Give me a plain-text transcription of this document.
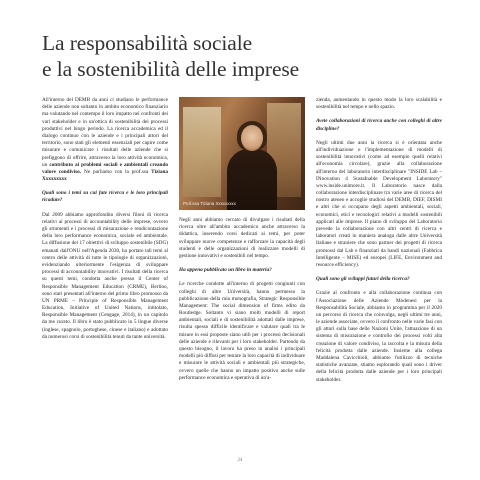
La responsabilità sociale
e la sostenibilità delle imprese

All'interno del DEMB da anni ci studiano le performance delle aziende non soltanto in ambito economico finanziario ma valutando nel contempo il loro impatto nei confronti dei vari stakeholder e in un'ottica di sostenibilità dei processi produttivi nel lungo periodo. La ricerca accademica ed il dialogo continuo con le aziende e i principali attori del territorio, sono stati gli elementi essenziali per capire come misurare e comunicare i risultati delle aziende che si prefiggono di offrire, attraverso la loro attività economica, un contributo ai problemi sociali e ambientali creando valore condiviso. Ne parliamo con la prof.ssa Tiziana Xxxxxxxxx

Quali sono i temi su cui fate ricerca e le loro principali ricadute?

Dal 2009 abbiamo approfondito diversi filoni di ricerca relativi ai processi di accountability delle imprese, ovvero gli strumenti e i processi di misurazione e rendicontazione della loro performance economica, sociale ed ambientale. La diffusione dei 17 obiettivi di sviluppo sostenibile (SDG) emanati dall'ONU nell'Agenda 2030, ha portato tali temi al centro delle attività di tutte le tipologie di organizzazioni, evidenziando ulteriormente l'esigenza di sviluppare processi di accountability innovativi. I risultati della ricerca su questi temi, condotta anche presso il Center of Responsible Management Education (CRME), Berlino, sono stati presentati all'interno del primo libro promosso da UN PRME – Principle of Responsible Management Education, Initiative of United Nations, intitolato, Responsible Management (Cengage, 2014), in un capitolo da me curato. Il libro è stato pubblicato in 5 lingue diverse (inglese, spagnolo, portoghese, cinese e italiano) e adottato da numerosi corsi di sostenibilità tenuti da tante università.

Prof.ssa Tiziana Xxxxxxxxx

Negli anni abbiamo cercato di divulgare i risultati della ricerca oltre all'ambito accademico anche attraverso la didattica, inserendo corsi dedicati ai temi, per poter sviluppare nuove competenze e rafforzare la capacità degli studenti e delle organizzazioni di realizzare modelli di gestione innovativi e sostenibili nel tempo.

Ha appena pubblicato un libro in materia?

Le ricerche condotte all'interno di progetti congiunti con colleghi di altre Università, hanno permesso la pubblicazione della mia monografia, Strategic Responsible Management: The social dimension of firms edito da Routledge. Soltanto vi siano molti modelli di report ambientali, sociali e di sostenibilità adottati dalle imprese, risulta spesso difficile identificare e valutare quali tra le misure in essi proposte siano utili per i processi decisionali delle aziende e rilevanti per i loro stakeholder. Partendo da questo bisogno, il lavoro ha preso in analisi i principali modelli più diffusi per testare la loro capacità di individuare e misurare le attività sociali e ambientali più strategiche, ovvero quelle che hanno un impatto positivo anche sulle performance economica e operativa di un'a-

zienda, aumentando in questo modo la loro scalabilità e sostenibilità nel tempo e nello spazio.

Avete collaborazioni di ricerca anche con colleghi di altre discipline?

Negli ultimi due anni la ricerca si è orientata anche all'individuazione e l'implementazione di modelli di sostenibilità innovativi (come ad esempio quelli relativi all'economia circolare), grazie alla collaborazione all'interno del laboratorio interdisciplinare "INSIDE Lab – INnovation 4 SustaInable Development Laboratory" www.inside.unimore.it. Il Laboratorio nasce dalla collaborazione interdisciplinare tra varie aree di ricerca del nostro ateneo e accoglie studiosi del DEMB, DIEF, DISMI e altri che si occupano degli aspetti ambientali, sociali, economici, etici e tecnologici relativi a modelli sostenibili applicati alle imprese. Il piano di sviluppo del Laboratorio prevede la collaborazione con altri centri di ricerca e laboratori creati in maniera analoga dalle altre Università Italiane e straniere che sono partner dei progetti di ricerca promossi dal Lab e finanziati da bandi nazionali (Fabbrica Intelligente – MISE) ed europei (LIFE, Environment and resource efficiency).

Quali sono gli sviluppi futuri della ricerca?

Grazie al confronto e alla collaborazione continua con l'Associazione delle Aziende Modenesi per la Responsabilità Sociale, abbiamo in programma per il 2020 un percorso di ricerca che coinvolga, negli ultimi tre anni, le aziende associate, ovvero il confronto nelle varie fasi con gli attori sulla base delle Nazioni Unite, l'attuazione di un sistema di misurazione e controllo dei processi volti alla creazione di valore condiviso, la raccolta e la misura della felicità prodotta dalle aziende. Insieme alla collega Maddalena Cavicchioli, abbiamo l'utilizzo di tecniche statistiche avanzate, stiamo esplorando quali sono i driver della felicità prodotta dalle aziende per i loro principali stakeholder.

24
